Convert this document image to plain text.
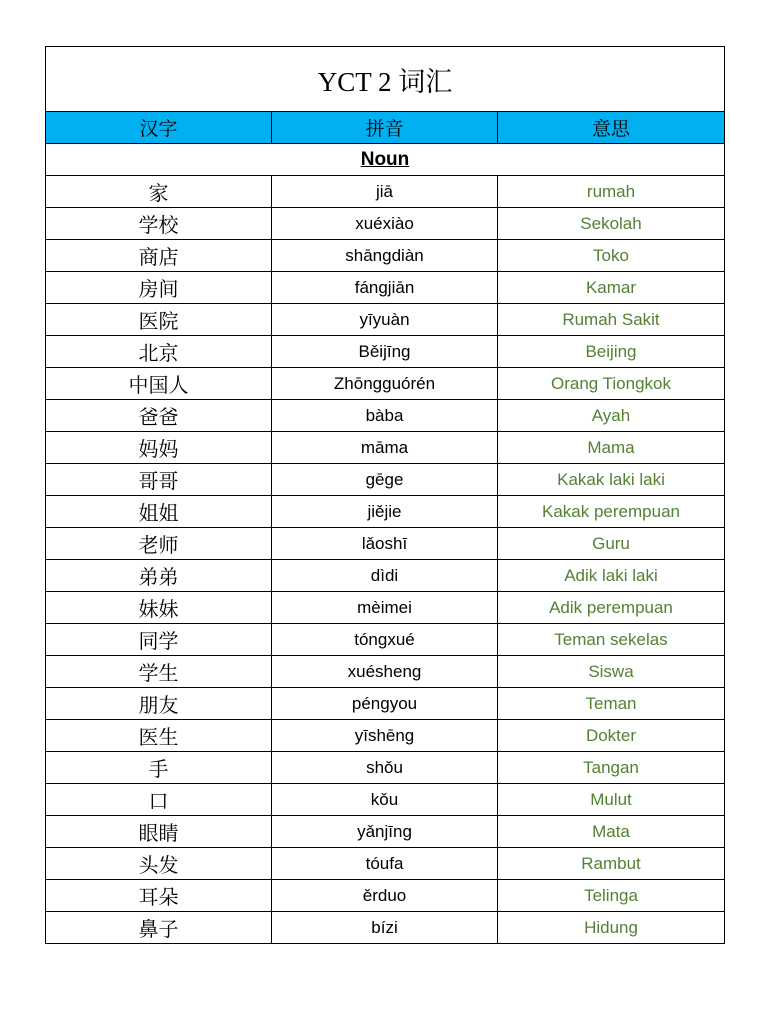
YCT 2 词汇		
汉字	拼音	意思
Noun		
家	jiā	rumah
学校	xuéxiào	Sekolah
商店	shāngdiàn	Toko
房间	fángjiān	Kamar
医院	yīyuàn	Rumah Sakit
北京	Běijīng	Beijing
中国人	Zhōngguórén	Orang Tiongkok
爸爸	bàba	Ayah
妈妈	māma	Mama
哥哥	gēge	Kakak laki laki
姐姐	jiějie	Kakak perempuan
老师	lǎoshī	Guru
弟弟	dìdi	Adik laki laki
妹妹	mèimei	Adik perempuan
同学	tóngxué	Teman sekelas
学生	xuésheng	Siswa
朋友	péngyou	Teman
医生	yīshēng	Dokter
手	shǒu	Tangan
口	kǒu	Mulut
眼睛	yǎnjīng	Mata
头发	tóufa	Rambut
耳朵	ěrduo	Telinga
鼻子	bízi	Hidung
